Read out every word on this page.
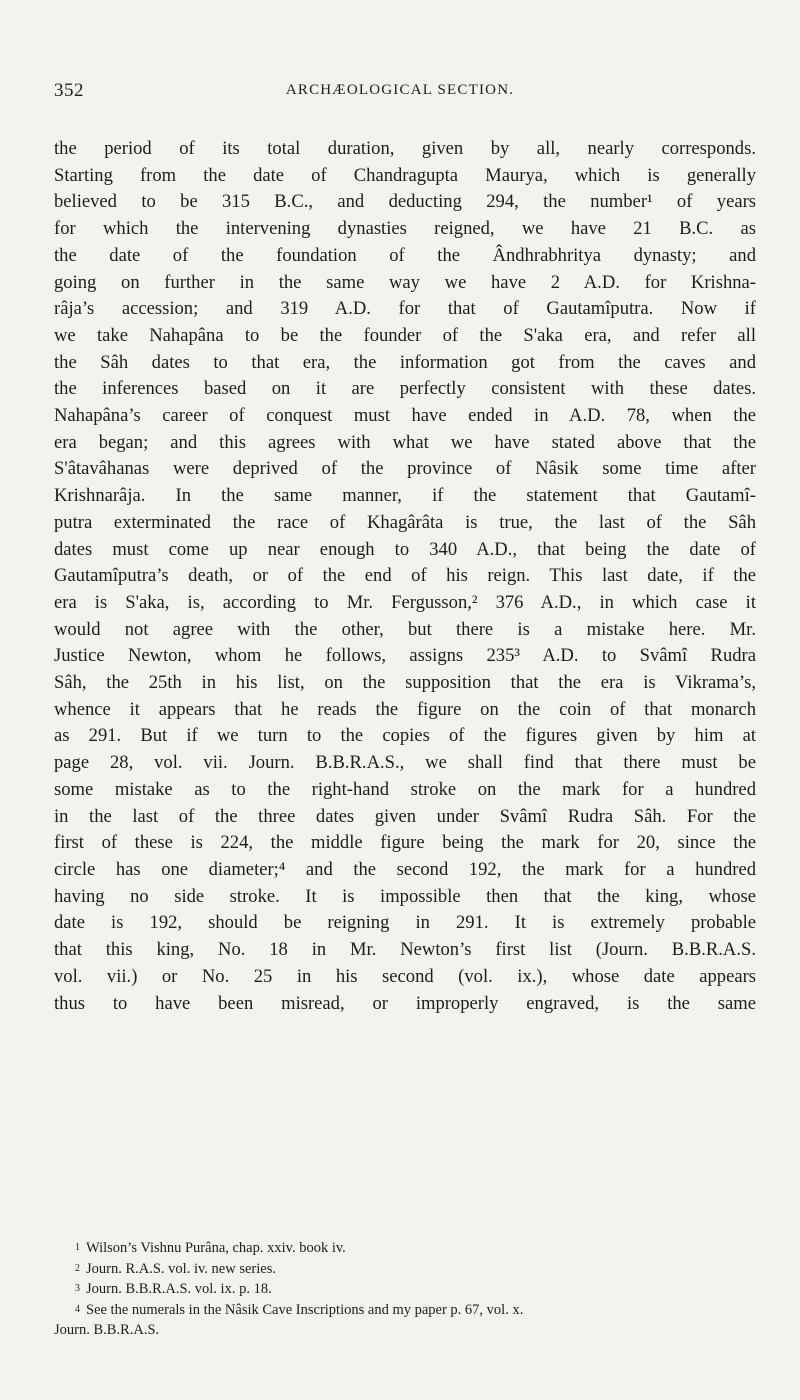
352	ARCHÆOLOGICAL SECTION.
the period of its total duration, given by all, nearly corresponds.
Starting from the date of Chandragupta Maurya, which is generally
believed to be 315 B.C., and deducting 294, the number¹ of years
for which the intervening dynasties reigned, we have 21 B.C. as
the date of the foundation of the Ândhrabhritya dynasty; and
going on further in the same way we have 2 A.D. for Krishna-
râja’s accession; and 319 A.D. for that of Gautamîputra. Now if
we take Nahapâna to be the founder of the S'aka era, and refer all
the Sâh dates to that era, the information got from the caves and
the inferences based on it are perfectly consistent with these dates.
Nahapâna’s career of conquest must have ended in A.D. 78, when the
era began; and this agrees with what we have stated above that the
S'âtavâhanas were deprived of the province of Nâsik some time after
Krishnarâja. In the same manner, if the statement that Gautamî-
putra exterminated the race of Khagârâta is true, the last of the Sâh
dates must come up near enough to 340 A.D., that being the date of
Gautamîputra’s death, or of the end of his reign. This last date, if the
era is S'aka, is, according to Mr. Fergusson,² 376 A.D., in which case it
would not agree with the other, but there is a mistake here. Mr.
Justice Newton, whom he follows, assigns 235³ A.D. to Svâmî Rudra
Sâh, the 25th in his list, on the supposition that the era is Vikrama’s,
whence it appears that he reads the figure on the coin of that monarch
as 291. But if we turn to the copies of the figures given by him at
page 28, vol. vii. Journ. B.B.R.A.S., we shall find that there must be
some mistake as to the right-hand stroke on the mark for a hundred
in the last of the three dates given under Svâmî Rudra Sâh. For the
first of these is 224, the middle figure being the mark for 20, since the
circle has one diameter;⁴ and the second 192, the mark for a hundred
having no side stroke. It is impossible then that the king, whose
date is 192, should be reigning in 291. It is extremely probable
that this king, No. 18 in Mr. Newton’s first list (Journ. B.B.R.A.S.
vol. vii.) or No. 25 in his second (vol. ix.), whose date appears
thus to have been misread, or improperly engraved, is the same
1 Wilson’s Vishnu Purâna, chap. xxiv. book iv.
2 Journ. R.A.S. vol. iv. new series.
3 Journ. B.B.R.A.S. vol. ix. p. 18.
4 See the numerals in the Nâsik Cave Inscriptions and my paper p. 67, vol. x.
Journ. B.B.R.A.S.
